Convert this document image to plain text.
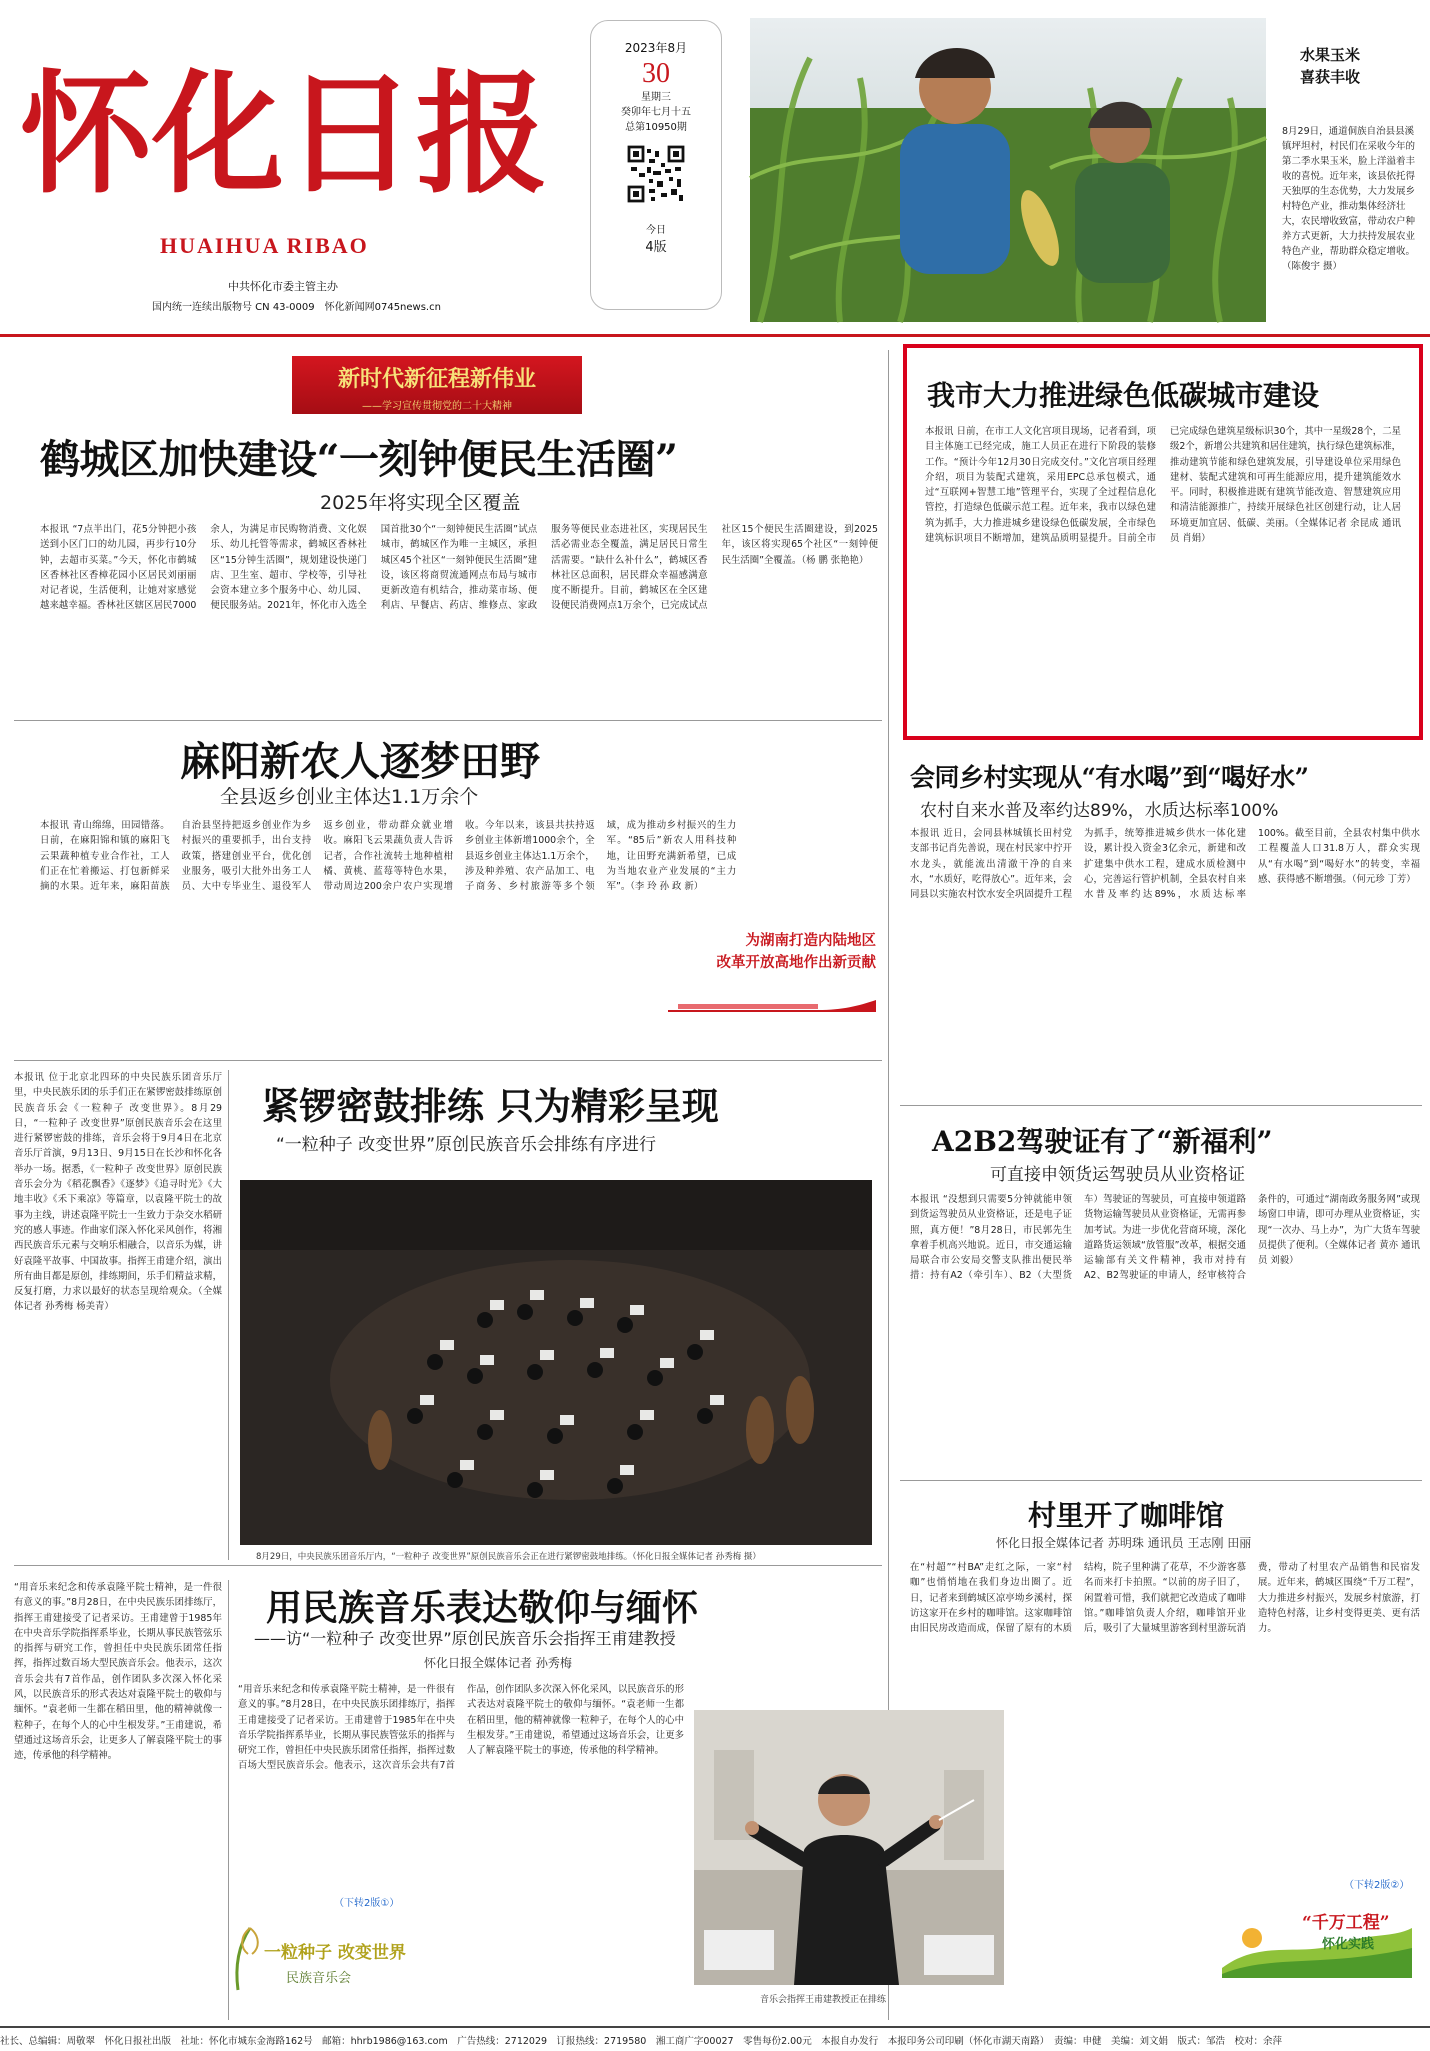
怀化日报
HUAIHUA RIBAO
中共怀化市委主管主办
国内统一连续出版物号 CN 43-0009　怀化新闻网0745news.cn
2023年8月
30
星期三
癸卯年七月十五
总第10950期
今日
4版
水果玉米
喜获丰收
8月29日，通道侗族自治县县溪镇坪坦村，村民们在采收今年的第二季水果玉米，脸上洋溢着丰收的喜悦。近年来，该县依托得天独厚的生态优势，大力发展乡村特色产业，推动集体经济壮大，农民增收致富，带动农户种养方式更新，大力扶持发展农业特色产业，帮助群众稳定增收。（陈俊宇 摄）
新时代新征程新伟业
——学习宣传贯彻党的二十大精神
鹤城区加快建设“一刻钟便民生活圈”
2025年将实现全区覆盖
本报讯 “7点半出门，花5分钟把小孩送到小区门口的幼儿园，再步行10分钟，去超市买菜。”今天，怀化市鹤城区香林社区香樟花园小区居民刘丽丽对记者说，生活便利，让她对家感觉越来越幸福。香林社区辖区居民7000余人，为满足市民购物消费、文化娱乐、幼儿托管等需求，鹤城区香林社区“15分钟生活圈”，规划建设快递门店、卫生室、超市、学校等，引导社会资本建立多个服务中心、幼儿园、便民服务站。2021年，怀化市入选全国首批30个“一刻钟便民生活圈”试点城市，鹤城区作为唯一主城区，承担城区45个社区“一刻钟便民生活圈”建设，该区将商贸流通网点布局与城市更新改造有机结合，推动菜市场、便利店、早餐店、药店、维修点、家政服务等便民业态进社区，实现居民生活必需业态全覆盖，满足居民日常生活需要。“缺什么补什么”，鹤城区香林社区总面积，居民群众幸福感满意度不断提升。目前，鹤城区在全区建设便民消费网点1万余个，已完成试点社区15个便民生活圈建设，到2025年，该区将实现65个社区“一刻钟便民生活圈”全覆盖。（杨 鹏 张艳艳）
我市大力推进绿色低碳城市建设
本报讯 日前，在市工人文化宫项目现场，记者看到，项目主体施工已经完成，施工人员正在进行下阶段的装修工作。“预计今年12月30日完成交付。”文化宫项目经理介绍，项目为装配式建筑，采用EPC总承包模式，通过“互联网+智慧工地”管理平台，实现了全过程信息化管控，打造绿色低碳示范工程。近年来，我市以绿色建筑为抓手，大力推进城乡建设绿色低碳发展，全市绿色建筑标识项目不断增加，建筑品质明显提升。目前全市已完成绿色建筑星级标识30个，其中一星级28个，二星级2个，新增公共建筑和居住建筑，执行绿色建筑标准，推动建筑节能和绿色建筑发展，引导建设单位采用绿色建材、装配式建筑和可再生能源应用，提升建筑能效水平。同时，积极推进既有建筑节能改造、智慧建筑应用和清洁能源推广，持续开展绿色社区创建行动，让人居环境更加宜居、低碳、美丽。（全媒体记者 余昆成 通讯员 肖娟）
麻阳新农人逐梦田野
全县返乡创业主体达1.1万余个
本报讯 青山绵绵，田园错落。日前，在麻阳锦和镇的麻阳飞云果蔬种植专业合作社，工人们正在忙着搬运、打包新鲜采摘的水果。近年来，麻阳苗族自治县坚持把返乡创业作为乡村振兴的重要抓手，出台支持政策，搭建创业平台，优化创业服务，吸引大批外出务工人员、大中专毕业生、退役军人返乡创业，带动群众就业增收。麻阳飞云果蔬负责人告诉记者，合作社流转土地种植柑橘、黄桃、蓝莓等特色水果，带动周边200余户农户实现增收。今年以来，该县共扶持返乡创业主体新增1000余个，全县返乡创业主体达1.1万余个，涉及种养殖、农产品加工、电子商务、乡村旅游等多个领域，成为推动乡村振兴的生力军。“85后”新农人用科技种地，让田野充满新希望，已成为当地农业产业发展的“主力军”。（李 玲 孙 政 新）
为湖南打造内陆地区
改革开放高地作出新贡献
会同乡村实现从“有水喝”到“喝好水”
农村自来水普及率约达89%，水质达标率100%
本报讯 近日，会同县林城镇长田村党支部书记肖先善说，现在村民家中拧开水龙头，就能流出清澈干净的自来水，“水质好，吃得放心”。近年来，会同县以实施农村饮水安全巩固提升工程为抓手，统筹推进城乡供水一体化建设，累计投入资金3亿余元，新建和改扩建集中供水工程，建成水质检测中心，完善运行管护机制，全县农村自来水普及率约达89%，水质达标率100%。截至目前，全县农村集中供水工程覆盖人口31.8万人，群众实现从“有水喝”到“喝好水”的转变，幸福感、获得感不断增强。（何元珍 丁芳）
本报讯 位于北京北四环的中央民族乐团音乐厅里，中央民族乐团的乐手们正在紧锣密鼓排练原创民族音乐会《一粒种子 改变世界》。8月29日，“一粒种子 改变世界”原创民族音乐会在这里进行紧锣密鼓的排练，音乐会将于9月4日在北京音乐厅首演，9月13日、9月15日在长沙和怀化各举办一场。据悉，《一粒种子 改变世界》原创民族音乐会分为《稻花飘香》《逐梦》《追寻时光》《大地丰收》《禾下乘凉》等篇章，以袁隆平院士的故事为主线，讲述袁隆平院士一生致力于杂交水稻研究的感人事迹。作曲家们深入怀化采风创作，将湘西民族音乐元素与交响乐相融合，以音乐为媒，讲好袁隆平故事、中国故事。指挥王甫建介绍，演出所有曲目都是原创，排练期间，乐手们精益求精，反复打磨，力求以最好的状态呈现给观众。（全媒体记者 孙秀梅 杨美青）
紧锣密鼓排练 只为精彩呈现
“一粒种子 改变世界”原创民族音乐会排练有序进行
8月29日，中央民族乐团音乐厅内，“一粒种子 改变世界”原创民族音乐会正在进行紧锣密鼓地排练。（怀化日报全媒体记者 孙秀梅 摄）
A2B2驾驶证有了“新福利”
可直接申领货运驾驶员从业资格证
本报讯 “没想到只需要5分钟就能申领到货运驾驶员从业资格证，还是电子证照，真方便！”8月28日，市民郭先生拿着手机高兴地说。近日，市交通运输局联合市公安局交警支队推出便民举措：持有A2（牵引车）、B2（大型货车）驾驶证的驾驶员，可直接申领道路货物运输驾驶员从业资格证，无需再参加考试。为进一步优化营商环境，深化道路货运领域“放管服”改革，根据交通运输部有关文件精神，我市对持有A2、B2驾驶证的申请人，经审核符合条件的，可通过“湖南政务服务网”或现场窗口申请，即可办理从业资格证，实现“一次办、马上办”，为广大货车驾驶员提供了便利。（全媒体记者 黄亦 通讯员 刘毅）
村里开了咖啡馆
怀化日报全媒体记者 苏明珠 通讯员 王志刚 田丽
在“村超”“村BA”走红之际，一家“村咖”也悄悄地在我们身边出圈了。近日，记者来到鹤城区凉亭坳乡溪村，探访这家开在乡村的咖啡馆。这家咖啡馆由旧民房改造而成，保留了原有的木质结构，院子里种满了花草，不少游客慕名而来打卡拍照。“以前的房子旧了，闲置着可惜，我们就把它改造成了咖啡馆。”咖啡馆负责人介绍，咖啡馆开业后，吸引了大量城里游客到村里游玩消费，带动了村里农产品销售和民宿发展。近年来，鹤城区围绕“千万工程”，大力推进乡村振兴，发展乡村旅游，打造特色村落，让乡村变得更美、更有活力。
（下转2版②）
“千万工程”
怀化实践
“用音乐来纪念和传承袁隆平院士精神，是一件很有意义的事。”8月28日，在中央民族乐团排练厅，指挥王甫建接受了记者采访。王甫建曾于1985年在中央音乐学院指挥系毕业，长期从事民族管弦乐的指挥与研究工作，曾担任中央民族乐团常任指挥，指挥过数百场大型民族音乐会。他表示，这次音乐会共有7首作品，创作团队多次深入怀化采风，以民族音乐的形式表达对袁隆平院士的敬仰与缅怀。“袁老师一生都在稻田里，他的精神就像一粒种子，在每个人的心中生根发芽。”王甫建说，希望通过这场音乐会，让更多人了解袁隆平院士的事迹，传承他的科学精神。
用民族音乐表达敬仰与缅怀
——访“一粒种子 改变世界”原创民族音乐会指挥王甫建教授
怀化日报全媒体记者 孙秀梅
“用音乐来纪念和传承袁隆平院士精神，是一件很有意义的事。”8月28日，在中央民族乐团排练厅，指挥王甫建接受了记者采访。王甫建曾于1985年在中央音乐学院指挥系毕业，长期从事民族管弦乐的指挥与研究工作，曾担任中央民族乐团常任指挥，指挥过数百场大型民族音乐会。他表示，这次音乐会共有7首作品，创作团队多次深入怀化采风，以民族音乐的形式表达对袁隆平院士的敬仰与缅怀。“袁老师一生都在稻田里，他的精神就像一粒种子，在每个人的心中生根发芽。”王甫建说，希望通过这场音乐会，让更多人了解袁隆平院士的事迹，传承他的科学精神。
（下转2版①）
音乐会指挥王甫建教授正在排练
一粒种子 改变世界
民族音乐会
社长、总编辑：周敬翠　怀化日报社出版　社址：怀化市城东金海路162号　邮箱：hhrb1986@163.com　广告热线：2712029　订报热线：2719580　湘工商广字00027　零售每份2.00元　本报自办发行　本报印务公司印刷（怀化市湖天南路）　责编：申健　美编：刘文娟　版式：邹浩　校对：余萍
